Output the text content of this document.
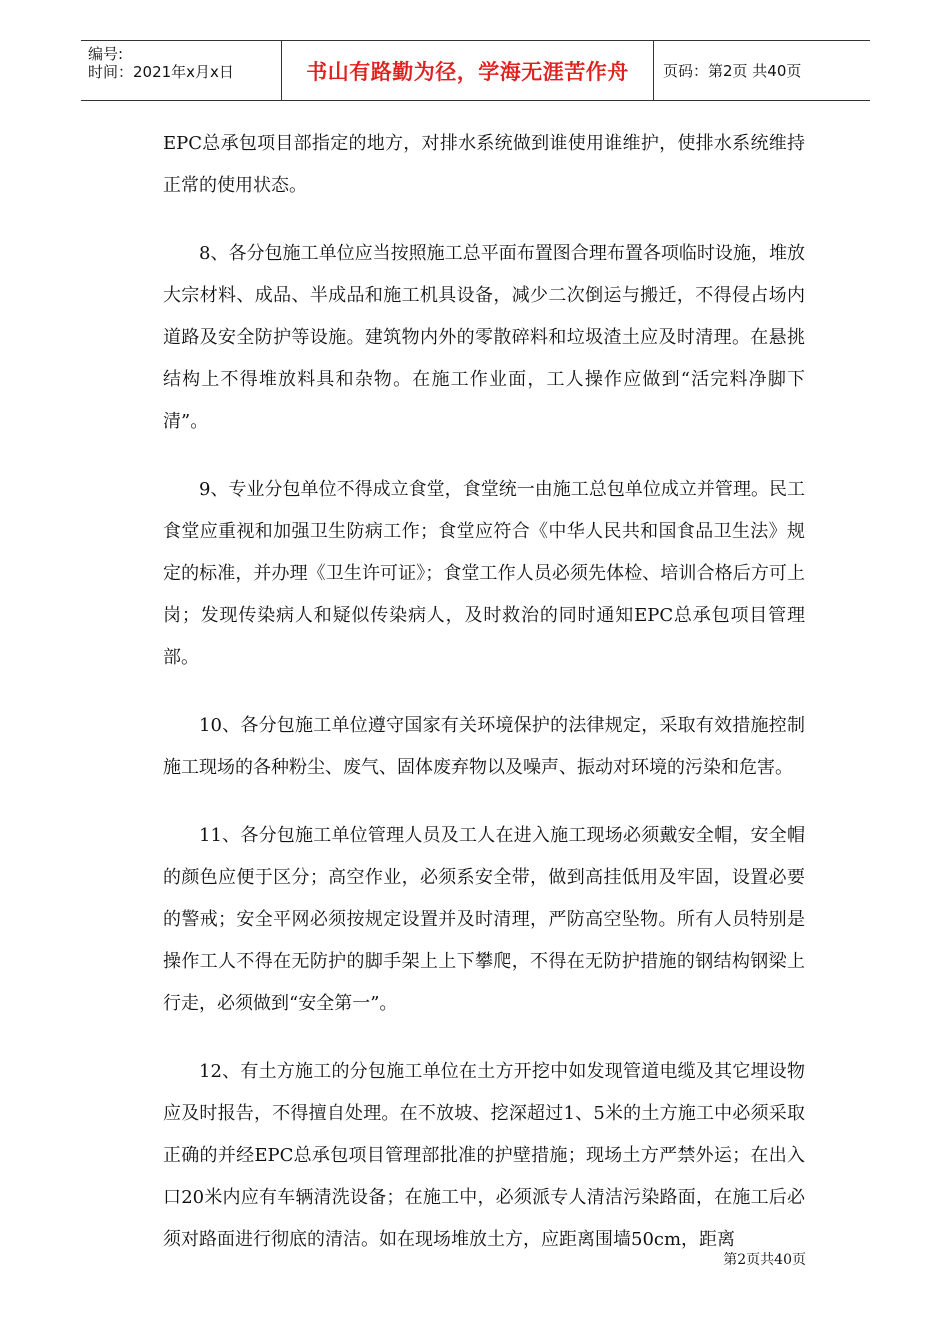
编号:
时间：2021年x月x日	书山有路勤为径，学海无涯苦作舟	页码：第2页 共40页

EPC总承包项目部指定的地方，对排水系统做到谁使用谁维护，使排水系统维持正常的使用状态。

8、各分包施工单位应当按照施工总平面布置图合理布置各项临时设施，堆放大宗材料、成品、半成品和施工机具设备，减少二次倒运与搬迁，不得侵占场内道路及安全防护等设施。建筑物内外的零散碎料和垃圾渣土应及时清理。在悬挑结构上不得堆放料具和杂物。在施工作业面，工人操作应做到“活完料净脚下清”。

9、专业分包单位不得成立食堂，食堂统一由施工总包单位成立并管理。民工食堂应重视和加强卫生防病工作；食堂应符合《中华人民共和国食品卫生法》规定的标准，并办理《卫生许可证》；食堂工作人员必须先体检、培训合格后方可上岗；发现传染病人和疑似传染病人，及时救治的同时通知EPC总承包项目管理部。

10、各分包施工单位遵守国家有关环境保护的法律规定，采取有效措施控制施工现场的各种粉尘、废气、固体废弃物以及噪声、振动对环境的污染和危害。

11、各分包施工单位管理人员及工人在进入施工现场必须戴安全帽，安全帽的颜色应便于区分；高空作业，必须系安全带，做到高挂低用及牢固，设置必要的警戒；安全平网必须按规定设置并及时清理，严防高空坠物。所有人员特别是操作工人不得在无防护的脚手架上上下攀爬，不得在无防护措施的钢结构钢梁上行走，必须做到“安全第一”。

12、有土方施工的分包施工单位在土方开挖中如发现管道电缆及其它埋设物应及时报告，不得擅自处理。在不放坡、挖深超过1、5米的土方施工中必须采取正确的并经EPC总承包项目管理部批准的护壁措施；现场土方严禁外运；在出入口20米内应有车辆清洗设备；在施工中，必须派专人清洁污染路面，在施工后必须对路面进行彻底的清洁。如在现场堆放土方，应距离围墙50cm，距离

第2页共40页
